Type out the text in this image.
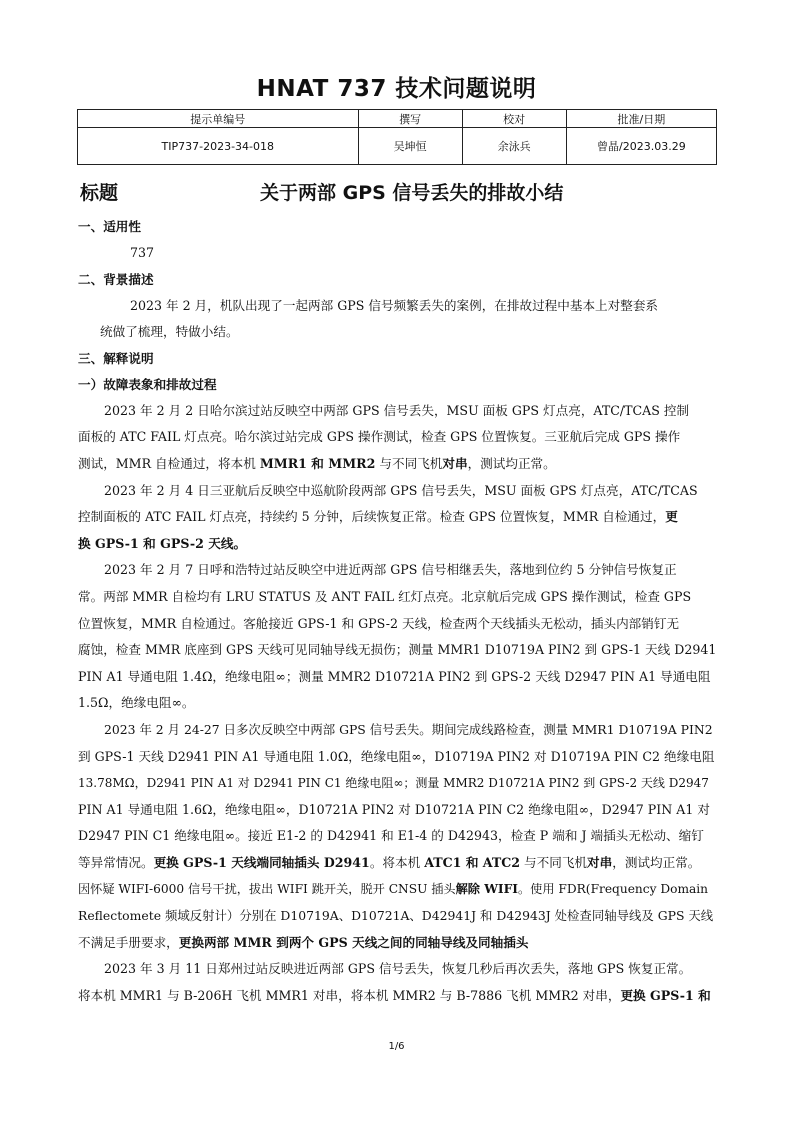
HNAT 737 技术问题说明
提示单编号	撰写	校对	批准/日期
TIP737-2023-34-018	吴坤恒	余泳兵	曾晶/2023.03.29
标题	关于两部 GPS 信号丢失的排故小结
一、适用性
737
二、背景描述
2023 年 2 月，机队出现了一起两部 GPS 信号频繁丢失的案例，在排故过程中基本上对整套系
统做了梳理，特做小结。
三、解释说明
一）故障表象和排故过程
2023 年 2 月 2 日哈尔滨过站反映空中两部 GPS 信号丢失，MSU 面板 GPS 灯点亮，ATC/TCAS 控制
面板的 ATC FAIL 灯点亮。哈尔滨过站完成 GPS 操作测试，检查 GPS 位置恢复。三亚航后完成 GPS 操作
测试，MMR 自检通过，将本机 MMR1 和 MMR2 与不同飞机对串，测试均正常。
2023 年 2 月 4 日三亚航后反映空中巡航阶段两部 GPS 信号丢失，MSU 面板 GPS 灯点亮，ATC/TCAS
控制面板的 ATC FAIL 灯点亮，持续约 5 分钟，后续恢复正常。检查 GPS 位置恢复，MMR 自检通过，更
换 GPS-1 和 GPS-2 天线。
2023 年 2 月 7 日呼和浩特过站反映空中进近两部 GPS 信号相继丢失，落地到位约 5 分钟信号恢复正
常。两部 MMR 自检均有 LRU STATUS 及 ANT FAIL 红灯点亮。北京航后完成 GPS 操作测试，检查 GPS
位置恢复，MMR 自检通过。客舱接近 GPS-1 和 GPS-2 天线，检查两个天线插头无松动，插头内部销钉无
腐蚀，检查 MMR 底座到 GPS 天线可见同轴导线无损伤；测量 MMR1 D10719A PIN2 到 GPS-1 天线 D2941
PIN A1 导通电阻 1.4Ω，绝缘电阻∞；测量 MMR2 D10721A PIN2 到 GPS-2 天线 D2947 PIN A1 导通电阻
1.5Ω，绝缘电阻∞。
2023 年 2 月 24-27 日多次反映空中两部 GPS 信号丢失。期间完成线路检查，测量 MMR1 D10719A PIN2
到 GPS-1 天线 D2941 PIN A1 导通电阻 1.0Ω，绝缘电阻∞，D10719A PIN2 对 D10719A PIN C2 绝缘电阻
13.78MΩ，D2941 PIN A1 对 D2941 PIN C1 绝缘电阻∞；测量 MMR2 D10721A PIN2 到 GPS-2 天线 D2947
PIN A1 导通电阻 1.6Ω，绝缘电阻∞，D10721A PIN2 对 D10721A PIN C2 绝缘电阻∞，D2947 PIN A1 对
D2947 PIN C1 绝缘电阻∞。接近 E1-2 的 D42941 和 E1-4 的 D42943，检查 P 端和 J 端插头无松动、缩钉
等异常情况。更换 GPS-1 天线端同轴插头 D2941。将本机 ATC1 和 ATC2 与不同飞机对串，测试均正常。
因怀疑 WIFI-6000 信号干扰，拔出 WIFI 跳开关，脱开 CNSU 插头解除 WIFI。使用 FDR(Frequency Domain
Reflectomete 频域反射计）分别在 D10719A、D10721A、D42941J 和 D42943J 处检查同轴导线及 GPS 天线
不满足手册要求，更换两部 MMR 到两个 GPS 天线之间的同轴导线及同轴插头
2023 年 3 月 11 日郑州过站反映进近两部 GPS 信号丢失，恢复几秒后再次丢失，落地 GPS 恢复正常。
将本机 MMR1 与 B-206H 飞机 MMR1 对串，将本机 MMR2 与 B-7886 飞机 MMR2 对串，更换 GPS-1 和
1/6
